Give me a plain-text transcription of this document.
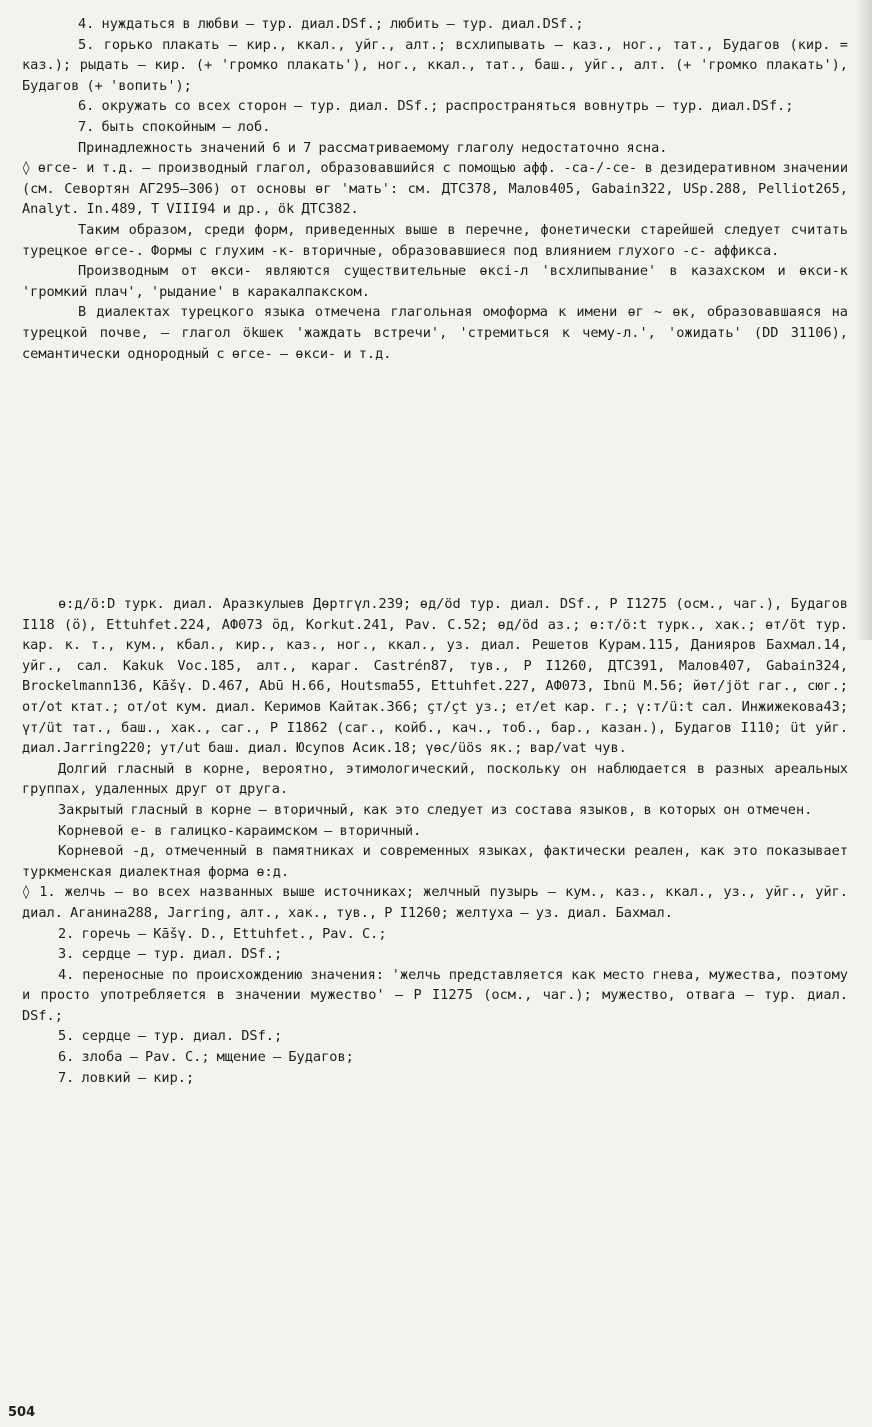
4. нуждаться в любви – тур. диал.DSf.; любить – тур. диал.DSf.;

5. горько плакать – кир., ккал., уйг., алт.; всхлипывать – каз., ног., тат., Будагов (кир. = каз.); рыдать – кир. (+ 'громко плакать'), ног., ккал., тат., баш., уйг., алт. (+ 'громко плакать'), Будагов (+ 'вопить');

6. окружать со всех сторон – тур. диал. DSf.; распространяться вовнутрь – тур. диал.DSf.;

7. быть спокойным – лоб.

Принадлежность значений 6 и 7 рассматриваемому глаголу недостаточно ясна.

◊ өгсе- и т.д. – производный глагол, образовавшийся с помощью афф. -са-/-се- в дезидеративном значении (см. Севортян АГ295–306) от основы өг 'мать': см. ДТС378, Малов405, Gabain322, USp.288, Pelliot265, Analyt. In.489, T VIII94 и др., ök ДТС382.

Таким образом, среди форм, приведенных выше в перечне, фонетически старейшей следует считать турецкое өгсе-. Формы с глухим -к- вторичные, образовавшиеся под влиянием глухого -с- аффикса.

Производным от өкси- являются существительные өксі-л 'всхлипывание' в казахском и өкси-к 'громкий плач', 'рыдание' в каракалпакском.

В диалектах турецкого языка отмечена глагольная омоформа к имени өг ~ өк, образовавшаяся на турецкой почве, – глагол ökшек 'жаждать встречи', 'стремиться к чему-л.', 'ожидать' (DD 31106), семантически однородный с өгсе- – өкси- и т.д.

ө:д/ö:D турк. диал. Аразкулыев Дөртгүл.239; өд/öd тур. диал. DSf., P I1275 (осм., чаг.), Будагов I118 (ӧ), Ettuhfet.224, АФ073 ӧд, Korkut.241, Pav. C.52; өд/öd аз.; ө:т/ö:t турк., хак.; өт/öt тур. кар. к. т., кум., кбал., кир., каз., ног., ккал., уз. диал. Решетов Курам.115, Данияров Бахмал.14, уйг., сал. Kakuk Voc.185, алт., караг. Castrén87, тув., P I1260, ДТС391, Малов407, Gabain324, Brockelmann136, Kāšγ. D.467, Abū H.66, Houtsma55, Ettuhfet.227, АФ073, Ibnü M.56; йөт/jöt гаг., сюг.; от/ot ктат.; от/ot кум. диал. Керимов Кайтак.366; ҫт/ҫt уз.; ет/et кар. г.; ү:т/ü:t сал. Инжижекова43; үт/üt тат., баш., хак., саг., P I1862 (саг., койб., кач., тоб., бар., казан.), Будагов I110; üt уйг. диал.Jarring220; ут/ut баш. диал. Юсупов Асик.18; үөс/üös як.; вар/vat чув.

Долгий гласный в корне, вероятно, этимологический, поскольку он наблюдается в разных ареальных группах, удаленных друг от друга.

Закрытый гласный в корне – вторичный, как это следует из состава языков, в которых он отмечен.

Корневой е- в галицко-караимском – вторичный.

Корневой -д, отмеченный в памятниках и современных языках, фактически реален, как это показывает туркменская диалектная форма ө:д.

◊ 1. желчь – во всех названных выше источниках; желчный пузырь – кум., каз., ккал., уз., уйг., уйг. диал. Аганина288, Jarring, алт., хак., тув., P I1260; желтуха – уз. диал. Бахмал.

2. горечь – Kāšγ. D., Ettuhfet., Pav. C.;

3. сердце – тур. диал. DSf.;

4. переносные по происхождению значения: 'желчь представляется как место гнева, мужества, поэтому и просто употребляется в значении мужество' – P I1275 (осм., чаг.); мужество, отвага – тур. диал. DSf.;

5. сердце – тур. диал. DSf.;

6. злоба – Pav. C.; мщение – Будагов;

7. ловкий – кир.;

504
